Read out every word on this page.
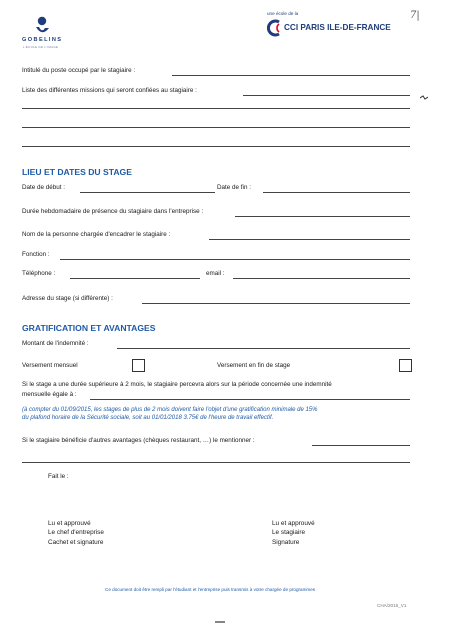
GOBELINS
L'ÉCOLE DE L'IMAGE
une école de la
CCI PARIS ILE-DE-FRANCE
7|
Intitulé du poste occupé par le stagiaire :
Liste des différentes missions qui seront confiées au stagiaire :
LIEU ET DATES DU STAGE
Date de début :	Date de fin :
Durée hebdomadaire de présence du stagiaire dans l'entreprise :
Nom de la personne chargée d'encadrer le stagiaire :
Fonction :
Téléphone :	email :
Adresse du stage (si différente) :
GRATIFICATION ET AVANTAGES
Montant de l'indemnité :
Versement mensuel	Versement en fin de stage
Si le stage a une durée supérieure à 2 mois, le stagiaire percevra alors sur la période concernée une indemnité
mensuelle égale à :
(à compter du 01/09/2015, les stages de plus de 2 mois doivent faire l'objet d'une gratification minimale de 15%
du plafond horaire de la Sécurité sociale, soit au 01/01/2018 3.75€ de l'heure de travail effectif.
Si le stagiaire bénéficie d'autres avantages (chèques restaurant, …) le mentionner :
Fait le :
Lu et approuvé
Le chef d'entreprise
Cachet et signature
Lu et approuvé
Le stagiaire
Signature
Ce document doit être rempli par l'étudiant et l'entreprise puis transmis à votre chargée de programmes
CHA/2016_V1
